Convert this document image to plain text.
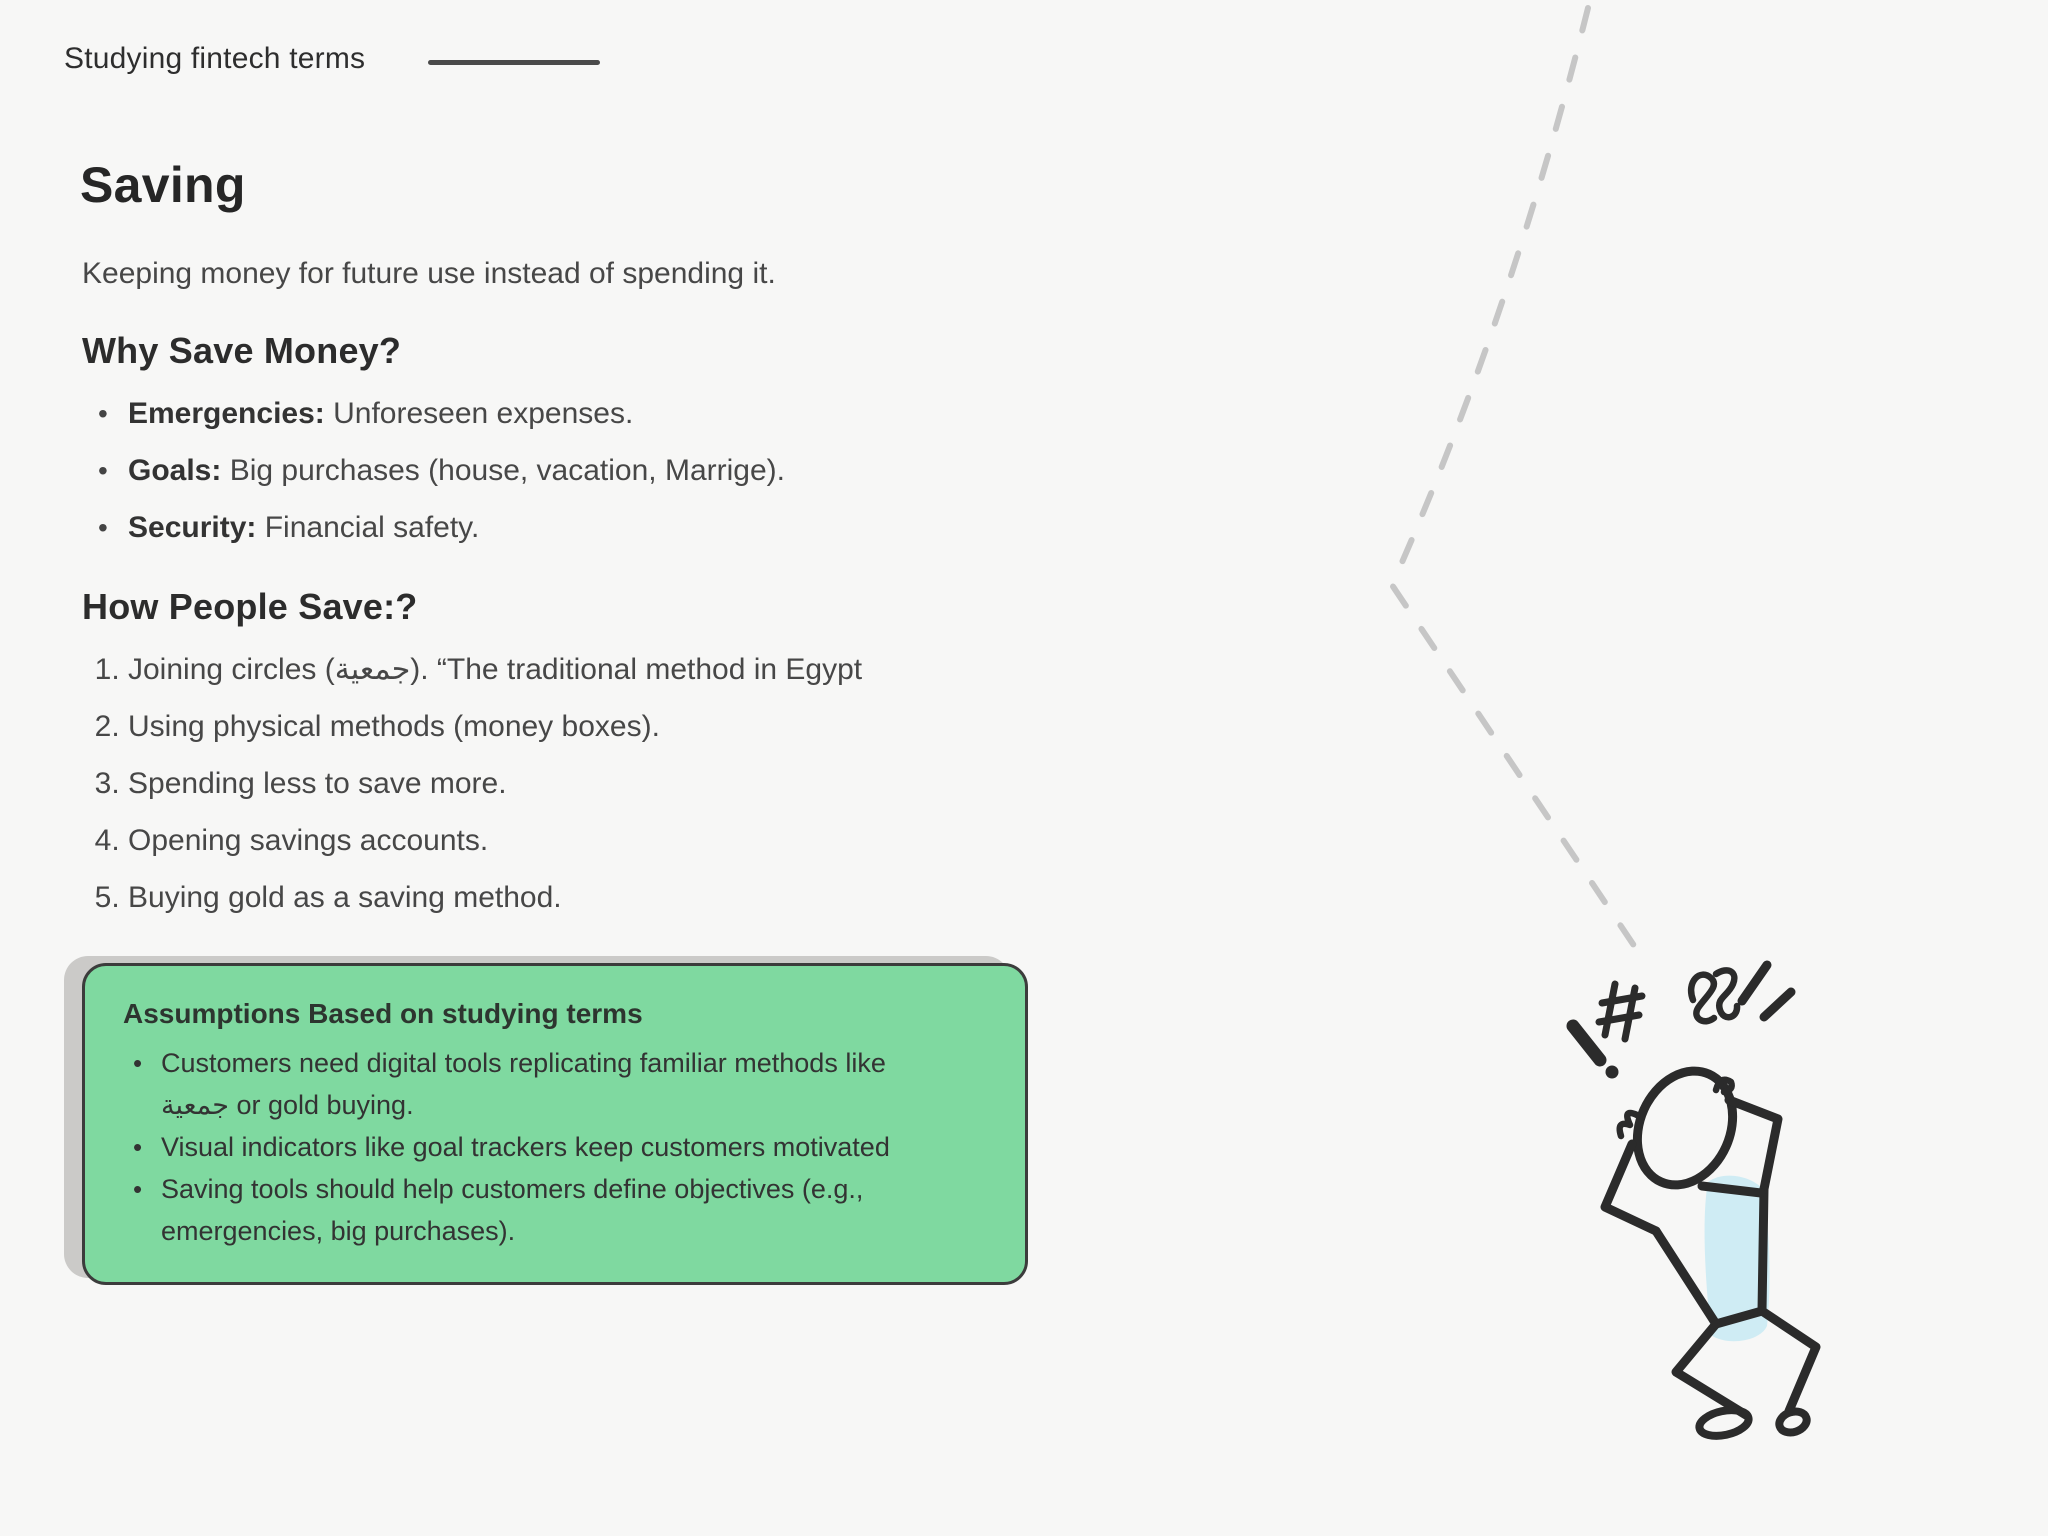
Studying fintech terms
Saving

Keeping money for future use instead of spending it.

Why Save Money?
• Emergencies: Unforeseen expenses.
• Goals: Big purchases (house, vacation, Marrige).
• Security: Financial safety.
How People Save:?
1. Joining circles (جمعية). “The traditional method in Egypt
2. Using physical methods (money boxes).
3. Spending less to save more.
4. Opening savings accounts.
5. Buying gold as a saving method.
Assumptions Based on studying terms
• Customers need digital tools replicating familiar methods like جمعية or gold buying.
• Visual indicators like goal trackers keep customers motivated
• Saving tools should help customers define objectives (e.g., emergencies, big purchases).
